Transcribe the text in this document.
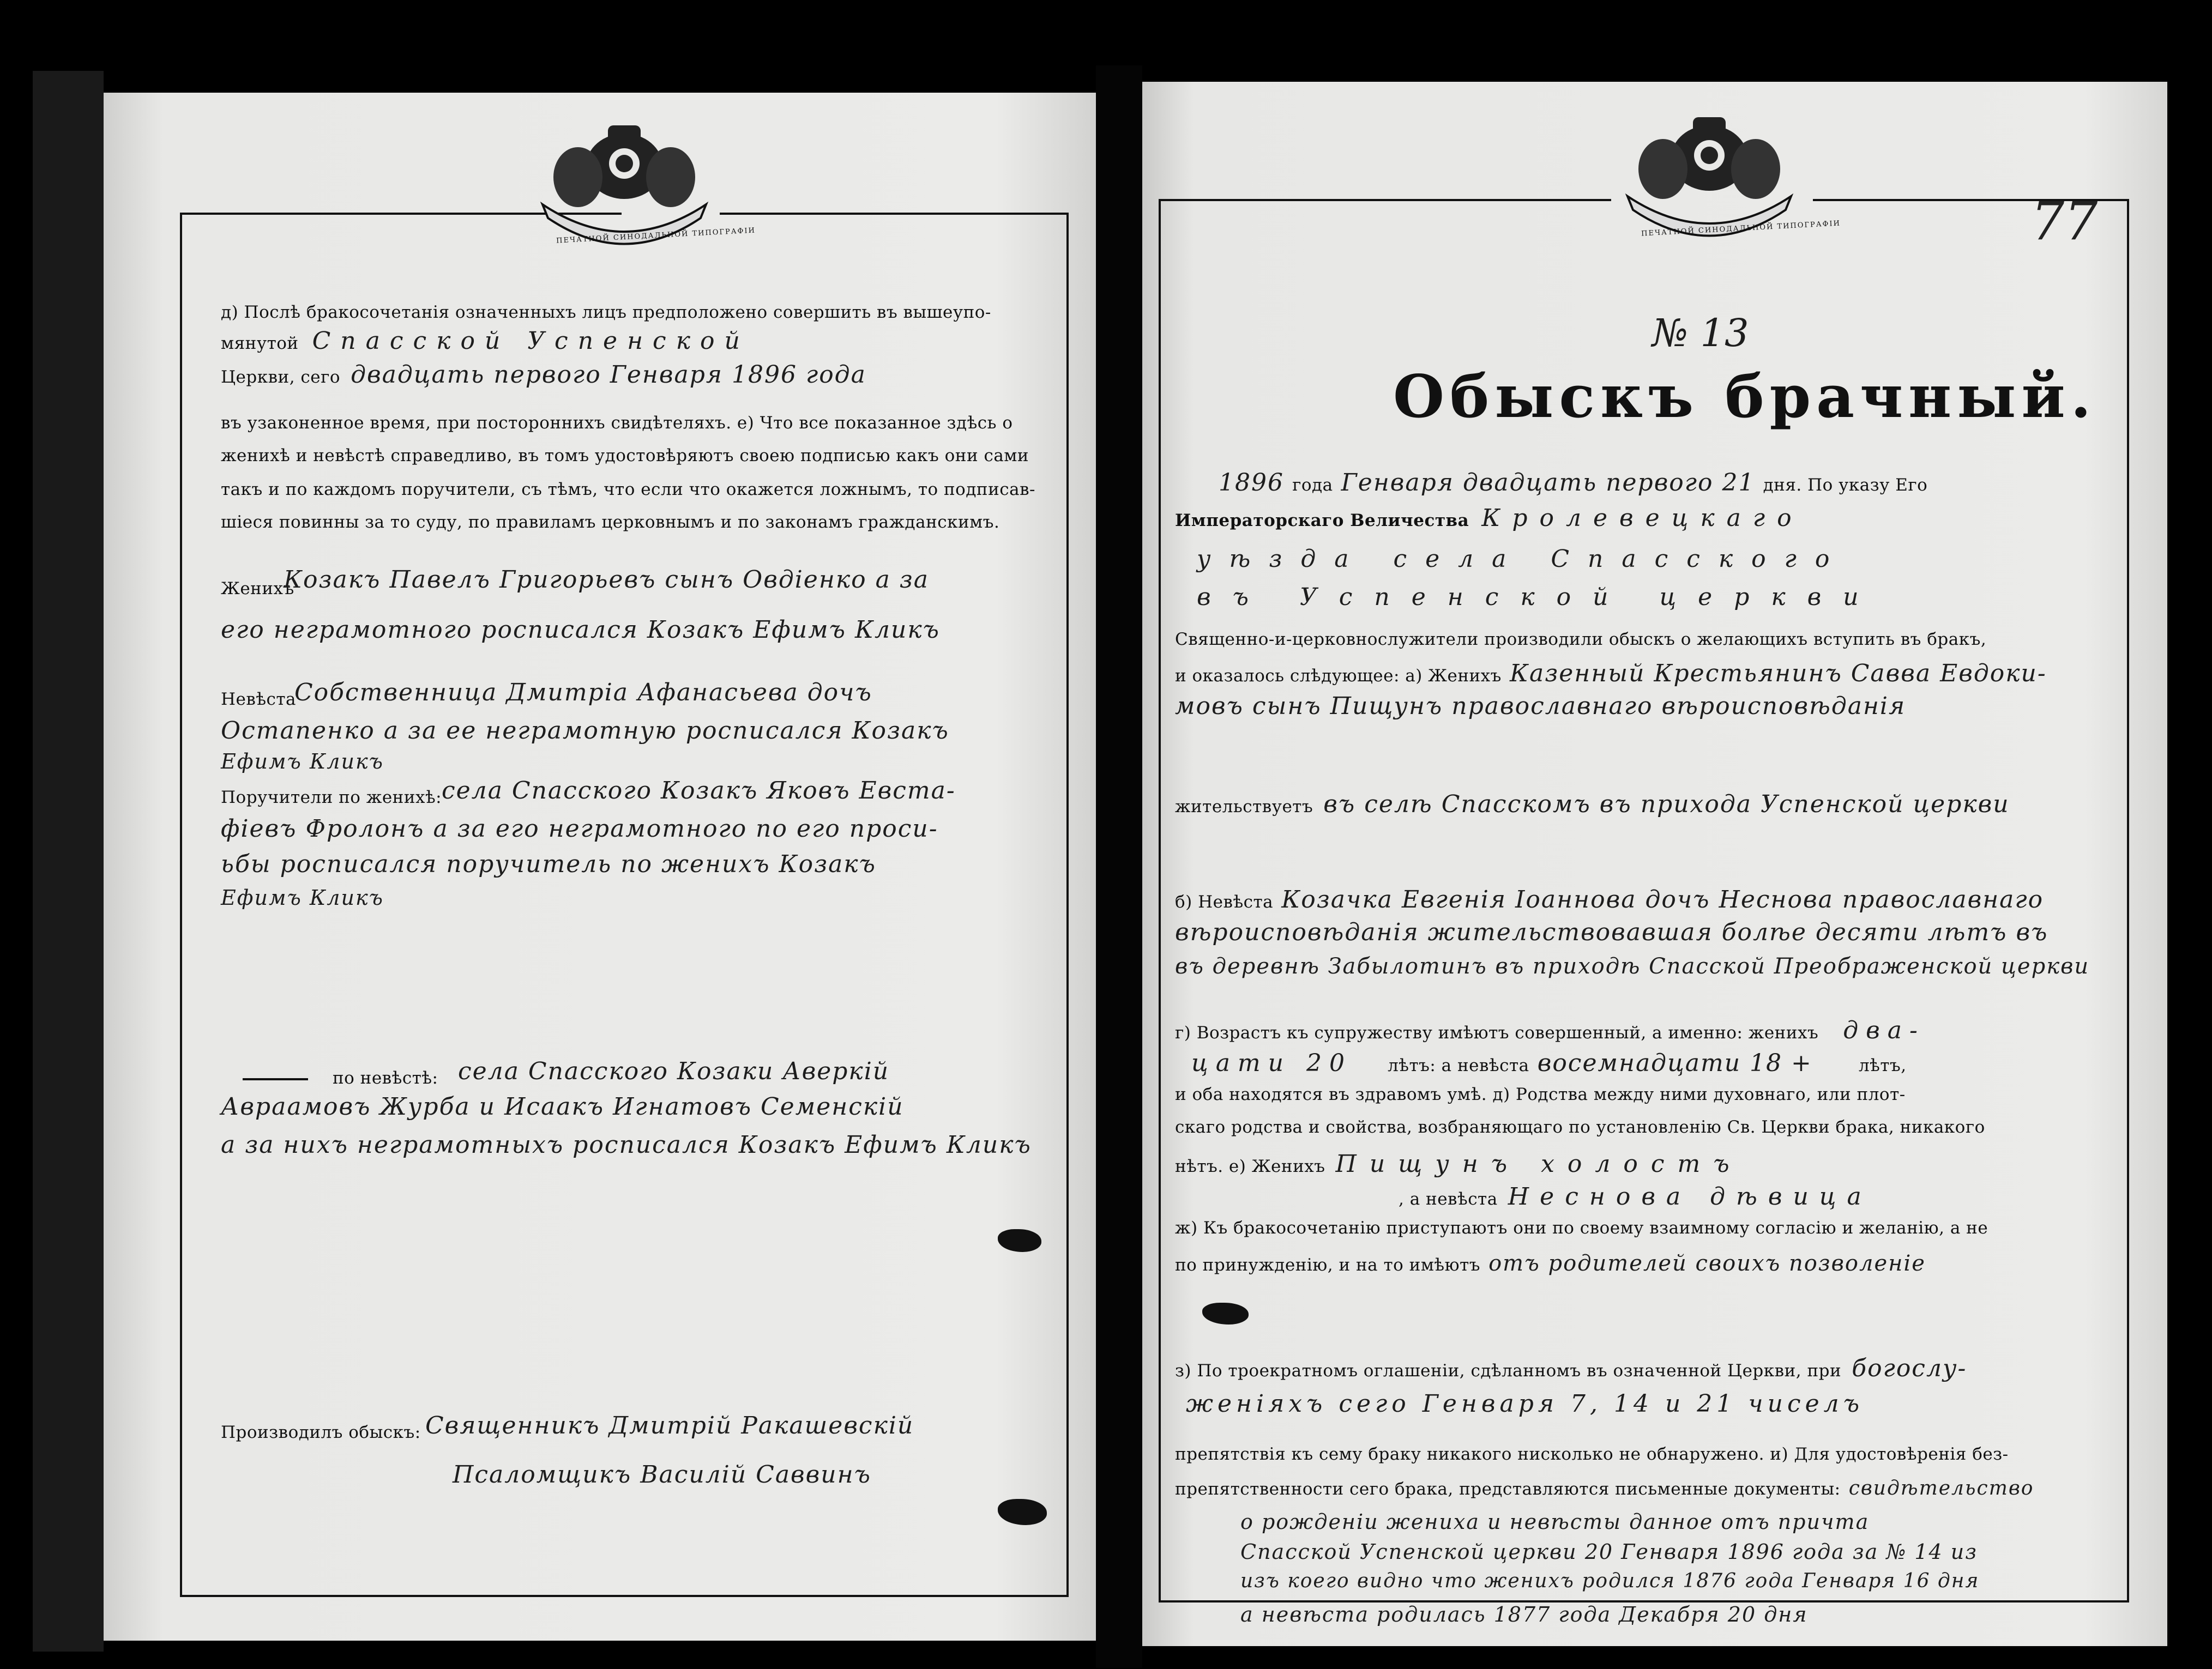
ПЕЧАТНОЙ СИНОДАЛЬНОЙ ТИПОГРАФІИ
д) Послѣ бракосочетанія означенныхъ лицъ предположено совершить въ вышеупо-
мянутой Спасской Успенской
Церкви, сего двадцать первого Генваря 1896 года
въ узаконенное время, при постороннихъ свидѣтеляхъ. е) Что все показанное здѣсь о
женихѣ и невѣстѣ справедливо, въ томъ удостовѣряютъ своею подписью какъ они сами
такъ и по каждомъ поручители, съ тѣмъ, что если что окажется ложнымъ, то подписав-
шіеся повинны за то суду, по правиламъ церковнымъ и по законамъ гражданскимъ.
Женихъ
Козакъ Павелъ Григорьевъ сынъ Овдіенко а за
его неграмотного росписался Козакъ Ефимъ Кликъ
Невѣста
Собственница Дмитріа Афанасьева дочъ
Остапенко а за ее неграмотную росписался Козакъ
Ефимъ Кликъ
Поручители по женихѣ: села Спасского Козакъ Яковъ Евста-
фіевъ Фролонъ а за его неграмотного по его проси-
ьбы росписался поручитель по женихъ Козакъ
Ефимъ Кликъ
по невѣстѣ: села Спасского Козаки Аверкій
Авраамовъ Журба и Исаакъ Игнатовъ Семенскій
а за нихъ неграмотныхъ росписался Козакъ Ефимъ Кликъ
Производилъ обыскъ: Священникъ Дмитрій Ракашевскій
Псаломщикъ Василій Саввинъ
77
ПЕЧАТНОЙ СИНОДАЛЬНОЙ ТИПОГРАФІИ
№ 13
Обыскъ брачный.
1896 года Генваря двадцать первого 21 дня. По указу Его
Императорскаго Величества Кролевецкаго
уѣзда села Спасского
въ Успенской церкви
Священно-и-церковнослужители производили обыскъ о желающихъ вступить въ бракъ,
и оказалось слѣдующее: а) Женихъ Казенный Крестьянинъ Савва Евдоки-
мовъ сынъ Пищунъ православнаго вѣроисповѣданія
жительствуетъ въ селѣ Спасскомъ въ прихода Успенской церкви
б) Невѣста Козачка Евгенія Іоаннова дочъ Неснова православнаго
вѣроисповѣданія жительствовавшая болѣе десяти лѣтъ въ
въ деревнѣ Забылотинъ въ приходѣ Спасской Преображенской церкви
г) Возрастъ къ супружеству имѣютъ совершенный, а именно: женихъ два-
цати 20 лѣтъ: а невѣста восемнадцати 18 +	лѣтъ,
и оба находятся въ здравомъ умѣ. д) Родства между ними духовнаго, или плот-
скаго родства и свойства, возбраняющаго по установленію Св. Церкви брака, никакого
нѣтъ. е) Женихъ Пищунъ холостъ
, а невѣста Неснова дѣвица
ж) Къ бракосочетанію приступаютъ они по своему взаимному согласію и желанію, а не
по принужденію, и на то имѣютъ отъ родителей своихъ позволеніе
з) По троекратномъ оглашеніи, сдѣланномъ въ означенной Церкви, при богослу-
женіяхъ сего Генваря 7, 14 и 21 чиселъ
препятствія къ сему браку никакого нисколько не обнаружено. и) Для удостовѣренія без-
препятственности сего брака, представляются письменные документы: свидѣтельство
о рожденіи жениха и невѣсты данное отъ причта
Спасской Успенской церкви 20 Генваря 1896 года за № 14 из
изъ коего видно что женихъ родился 1876 года Генваря 16 дня
а невѣста родилась 1877 года Декабря 20 дня
